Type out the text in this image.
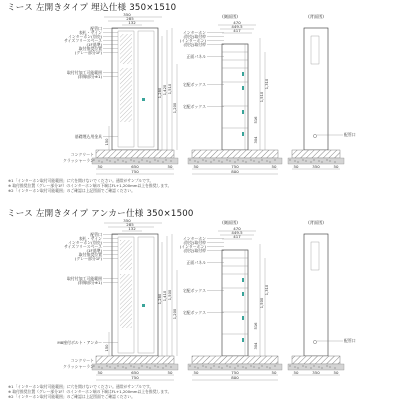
ミース 左開きタイプ 埋込仕様 350×1510
ミース 左開きタイプ アンカー仕様 350×1500
350
285
132
配管口
表札・サイン
インターホン(別売)
サイズフリースペース
(1F基準)
取付推奨位置
(グレー部分1F)
取付付加工可能範囲
(斜線部分※1)
基礎埋込用金具
1,280 1,420 1,510
150
1,200
コンクリート
クラッシャーラン
50	650	50
750
(側面図)
470
449.5
417
インターホン
(別売)取付枠
(インターホン)
(別売)取付枠
正面パネル
宅配ボックス
宅配ボックス
1,510
1,310
516
304
50	750	50
800
(背面図)
配管口
50	350	50
※1「インターホン取付可能範囲」に穴を開けないでください。通常がサンプルです。
※ 取付推奨位置（グレー部分1F）のインターホン端の下端はFL+1,200mm以上を推奨します。
※2「インターホン取付可能範囲」のご確認は上記図面でご確認ください。
350
285
132
配管口
表札・サイン
インターホン(別売)
サイズフリースペース
(1F基準)
取付推奨位置
(グレー部分1F)
取付付加工可能範囲
(斜線部分※1)
M8座付ボルト・アンカー
1,280 1,410 1,500
150
1,200
コンクリート
クラッシャーラン
50	650	50
750
(側面図)
470
449.5
417
インターホン
(別売)取付枠
(インターホン)
(別売)取付枠
正面パネル
宅配ボックス
宅配ボックス
1,500
1,310
516
304
50	750	50
800
(背面図)
配管口
50	350	50
※1「インターホン取付可能範囲」に穴を開けないでください。通常がサンプルです。
※ 取付推奨位置（グレー部分1F）のインターホン端の下端はFL+1,200mm以上を推奨します。
※2「インターホン取付可能範囲」のご確認は上記図面でご確認ください。
